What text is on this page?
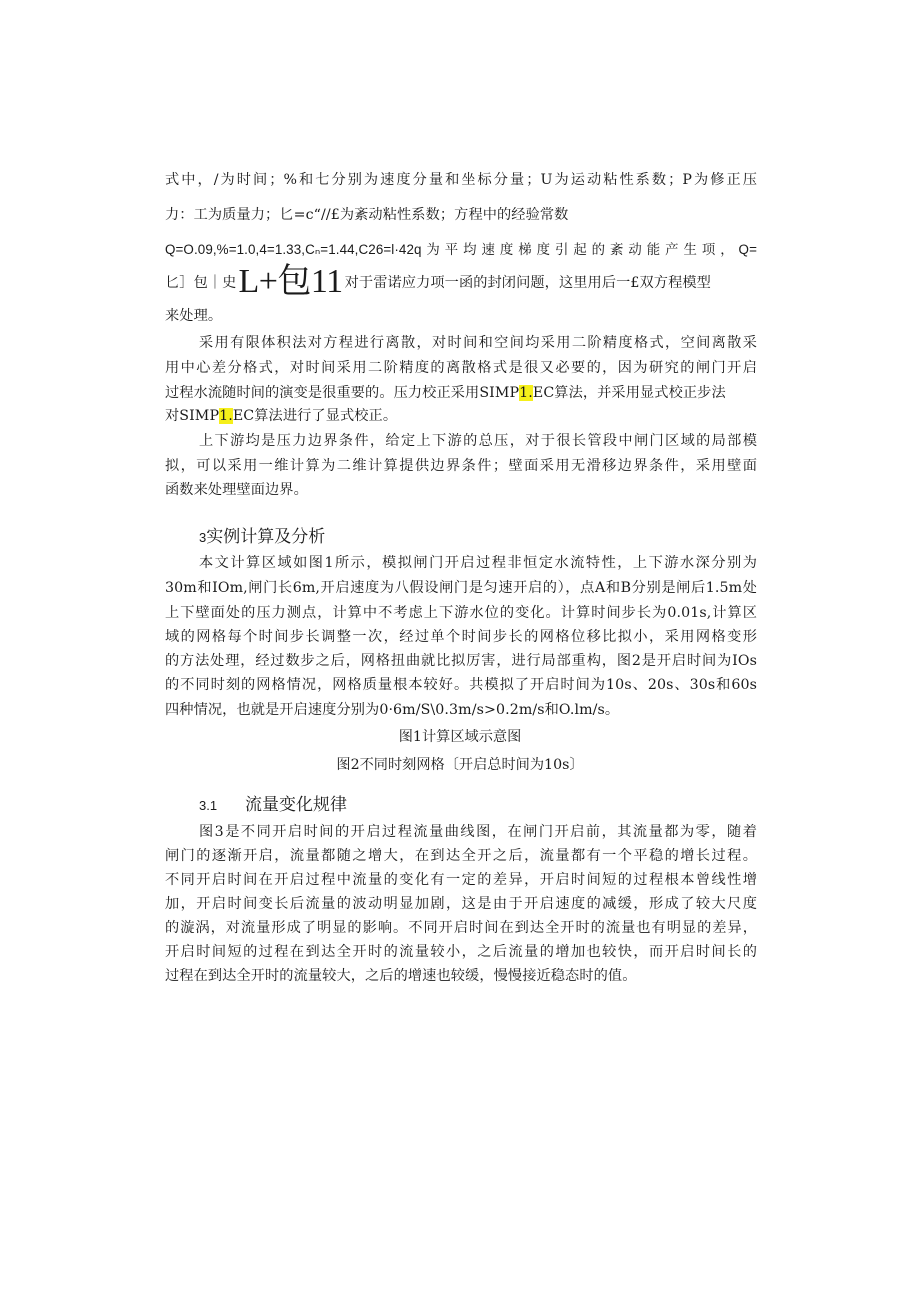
式中，/为时间；%和七分别为速度分量和坐标分量；U为运动粘性系数；P为修正压
力：工为质量力；匕=c“//£为紊动粘性系数；方程中的经验常数
Q=O.09,%=1.0,4=1.33,Cₙ=1.44,C26=l·42q为平均速度梯度引起的紊动能产生项，Q=
匕］包｜史L+包11 对于雷诺应力项一函的封闭问题，这里用后一£双方程模型
来处理。
采用有限体积法对方程进行离散，对时间和空间均采用二阶精度格式，空间离散采
用中心差分格式，对时间采用二阶精度的离散格式是很又必要的，因为研究的闸门开启
过程水流随时间的演变是很重要的。压力校正采用SIMP1.EC算法，并采用显式校正步法
对SIMP1.EC算法进行了显式校正。
上下游均是压力边界条件，给定上下游的总压，对于很长管段中闸门区域的局部模
拟，可以采用一维计算为二维计算提供边界条件；壁面采用无滑移边界条件，采用壁面
函数来处理壁面边界。
3实例计算及分析
本文计算区域如图1所示，模拟闸门开启过程非恒定水流特性，上下游水深分别为
30m和IOm,闸门长6m,开启速度为八假设闸门是匀速开启的），点A和B分别是闸后1.5m处
上下壁面处的压力测点，计算中不考虑上下游水位的变化。计算时间步长为0.01s,计算区
域的网格每个时间步长调整一次，经过单个时间步长的网格位移比拟小，采用网格变形
的方法处理，经过数步之后，网格扭曲就比拟厉害，进行局部重构，图2是开启时间为IOs
的不同时刻的网格情况，网格质量根本较好。共模拟了开启时间为10s、20s、30s和60s
四种情况，也就是开启速度分别为0·6m∕S\0.3m∕s>0.2m∕s和O.lm/s。
图1计算区域示意图
图2不同时刻网格〔开启总时间为10s〕
3.1 流量变化规律
图3是不同开启时间的开启过程流量曲线图，在闸门开启前，其流量都为零，随着
闸门的逐渐开启，流量都随之增大，在到达全开之后，流量都有一个平稳的增长过程。
不同开启时间在开启过程中流量的变化有一定的差异，开启时间短的过程根本曾线性增
加，开启时间变长后流量的波动明显加剧，这是由于开启速度的减缓，形成了较大尺度
的漩涡，对流量形成了明显的影响。不同开启时间在到达全开时的流量也有明显的差异，
开启时间短的过程在到达全开时的流量较小，之后流量的增加也较快，而开启时间长的
过程在到达全开时的流量较大，之后的增速也较缓，慢慢接近稳态时的值。
